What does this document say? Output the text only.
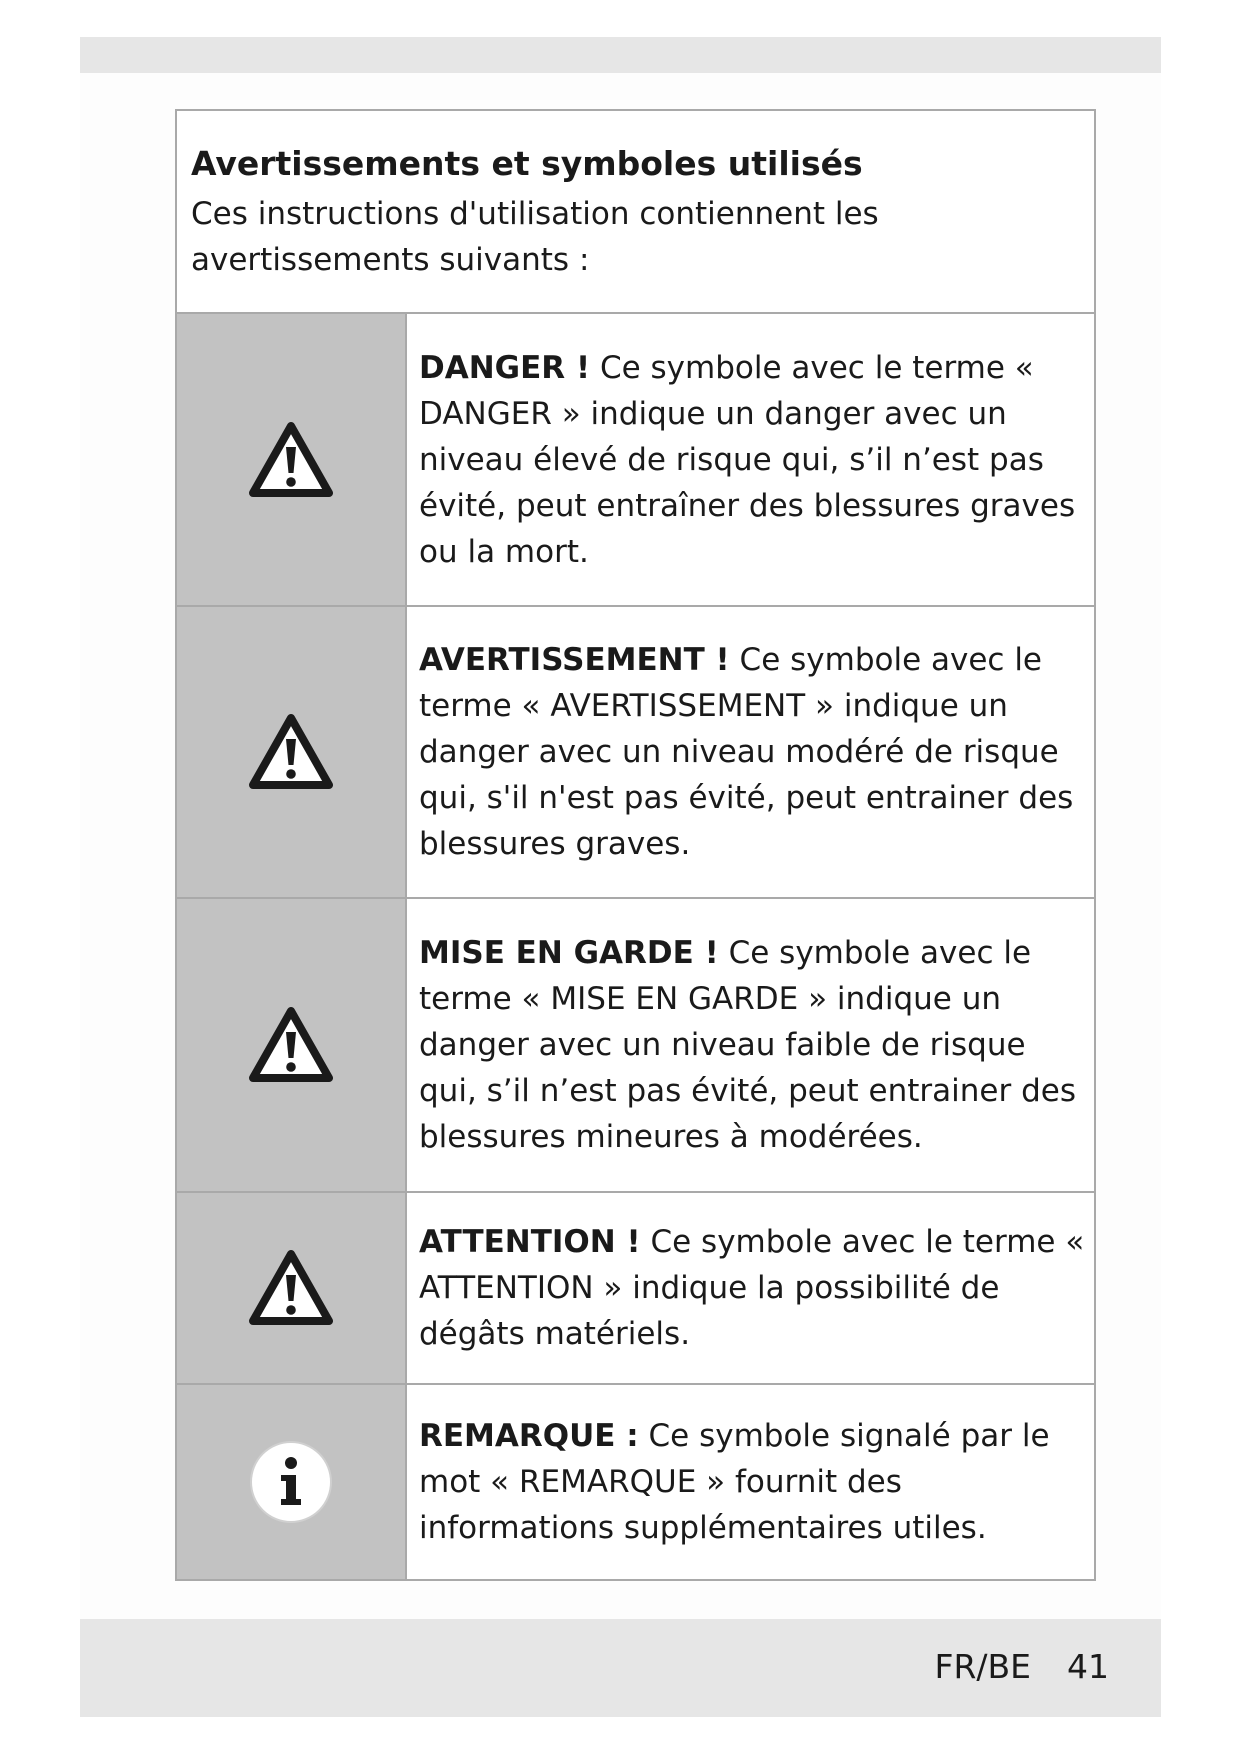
Avertissements et symboles utilisés

Ces instructions d'utilisation contiennent les avertissements suivants :

DANGER ! Ce symbole avec le terme « DANGER » indique un danger avec un niveau élevé de risque qui, s’il n’est pas évité, peut entraîner des blessures graves ou la mort.

AVERTISSEMENT ! Ce symbole avec le terme « AVERTISSEMENT » indique un danger avec un niveau modéré de risque qui, s'il n'est pas évité, peut entrainer des blessures graves.

MISE EN GARDE ! Ce symbole avec le terme « MISE EN GARDE » indique un danger avec un niveau faible de risque qui, s’il n’est pas évité, peut entrainer des blessures mineures à modérées.

ATTENTION ! Ce symbole avec le terme « ATTENTION » indique la possibilité de dégâts matériels.

REMARQUE : Ce symbole signalé par le mot « REMARQUE » fournit des informations supplémentaires utiles.

FR/BE 41
